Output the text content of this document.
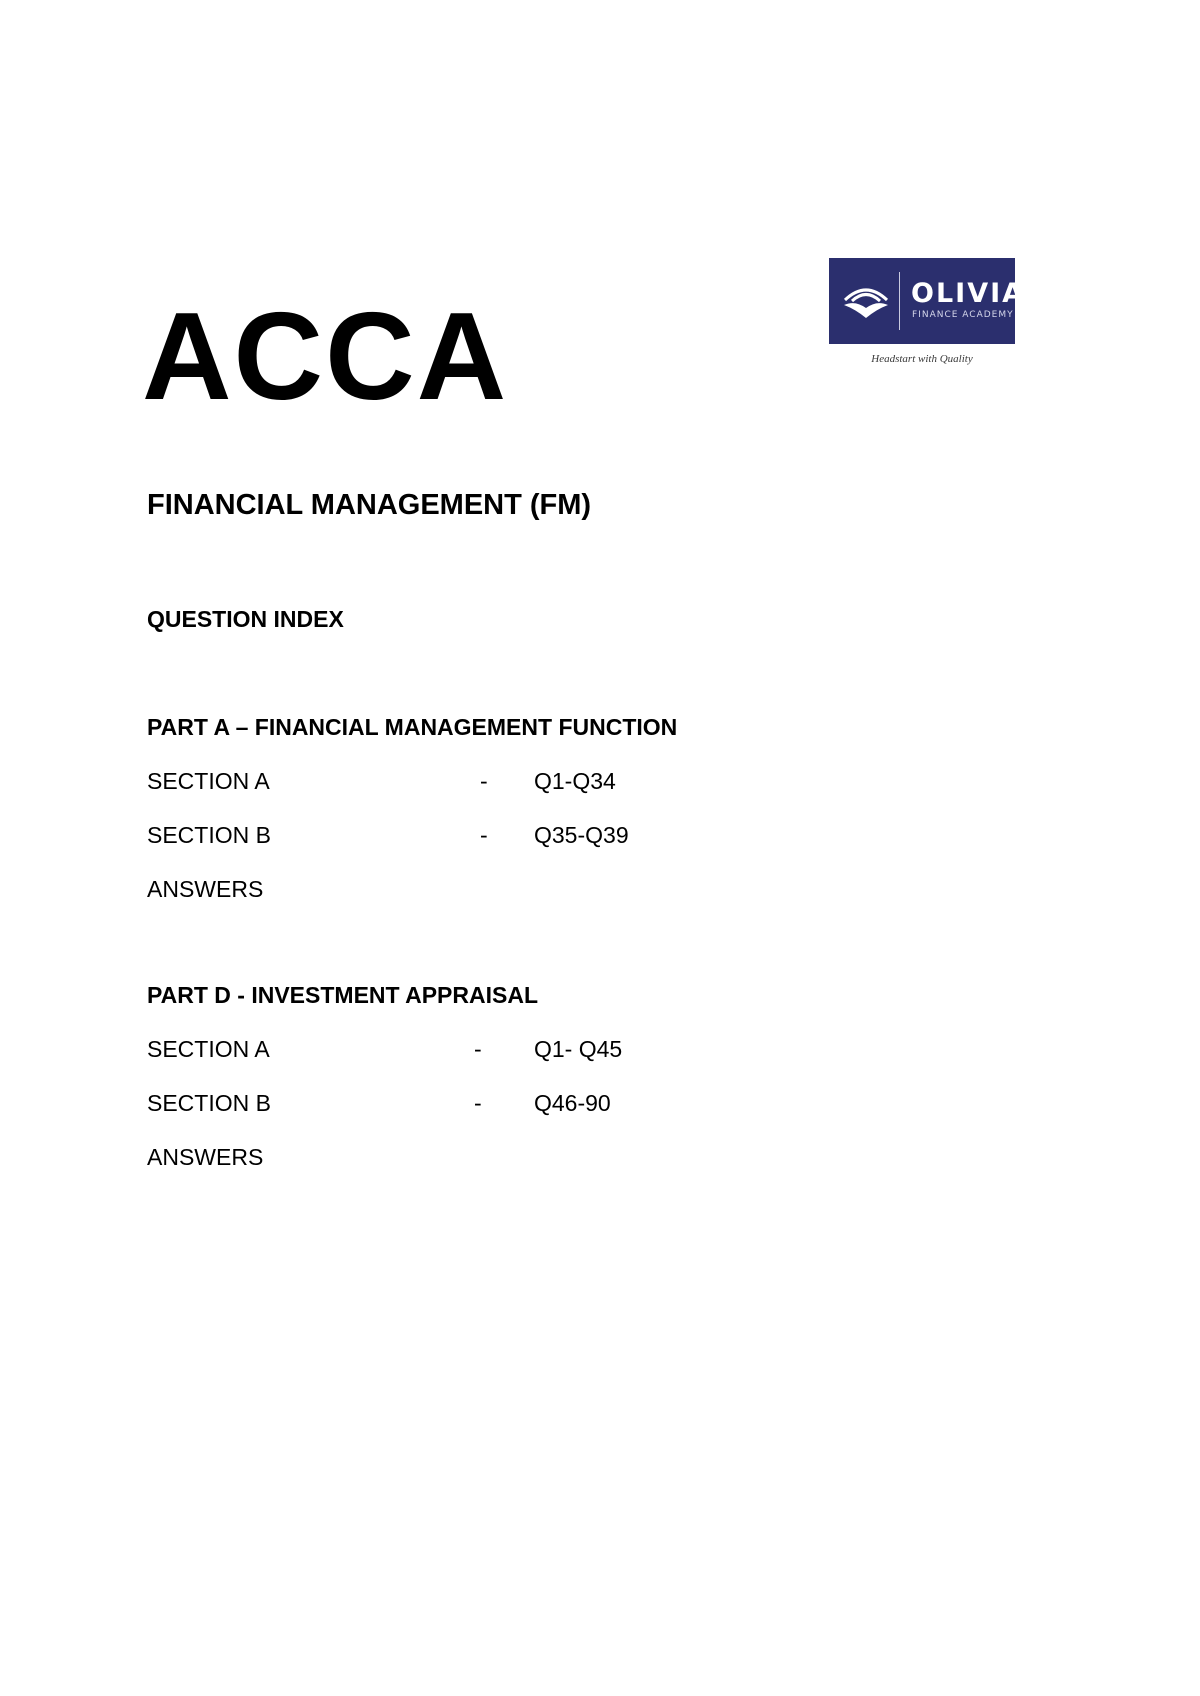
ACCA	OLIVIA
FINANCE ACADEMY
Headstart with Quality
FINANCIAL MANAGEMENT (FM)
QUESTION INDEX
PART A – FINANCIAL MANAGEMENT FUNCTION
SECTION A	- Q1-Q34
SECTION B	- Q35-Q39
ANSWERS
PART D - INVESTMENT APPRAISAL
SECTION A	- Q1- Q45
SECTION B	- Q46-90
ANSWERS
